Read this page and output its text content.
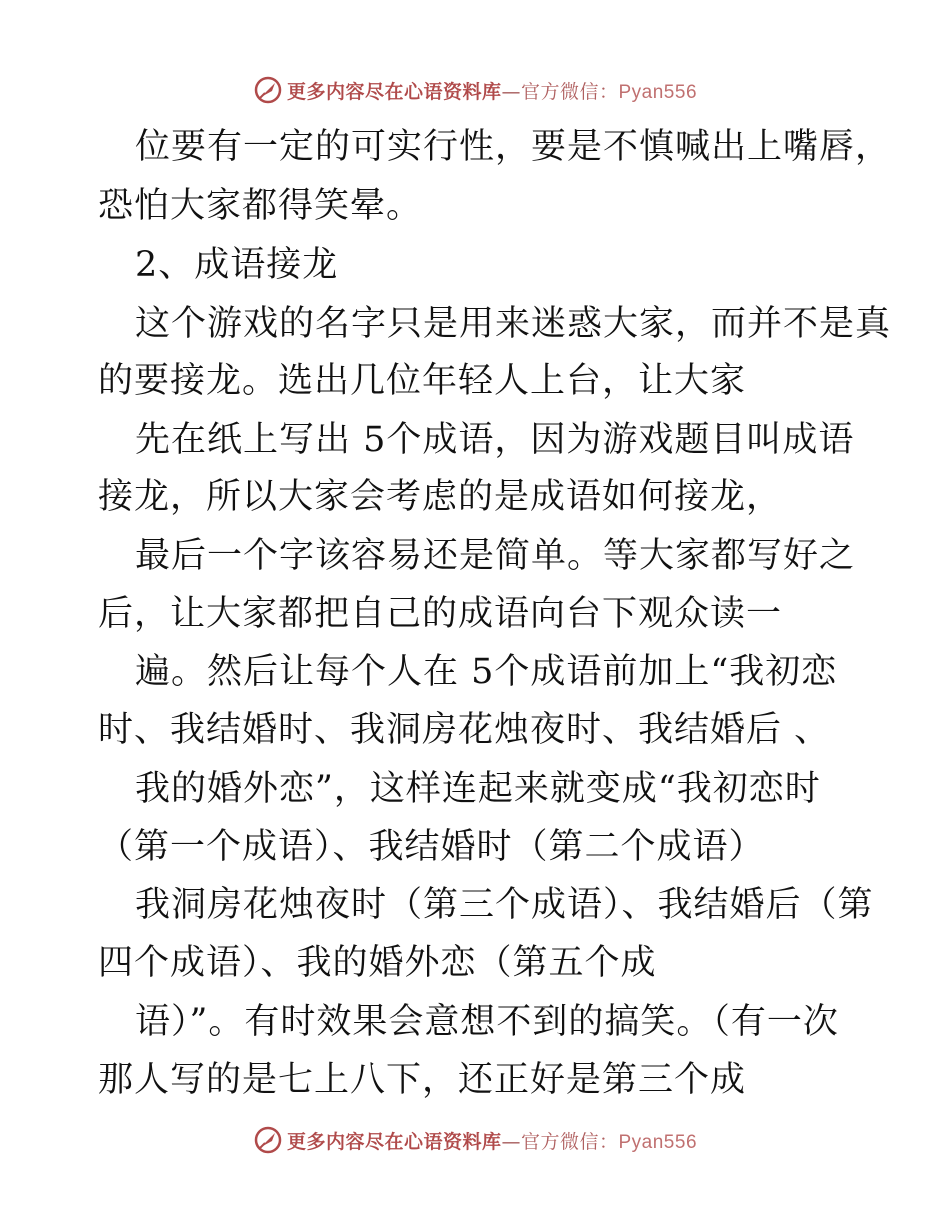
更多内容尽在心语资料库—官方微信：Pyan556
位要有一定的可实行性，要是不慎喊出上嘴唇，
恐怕大家都得笑晕。
2、成语接龙
这个游戏的名字只是用来迷惑大家，而并不是真
的要接龙。选出几位年轻人上台，让大家
先在纸上写出 5个成语，因为游戏题目叫成语
接龙，所以大家会考虑的是成语如何接龙，
最后一个字该容易还是简单。等大家都写好之
后，让大家都把自己的成语向台下观众读一
遍。然后让每个人在 5个成语前加上“我初恋
时、我结婚时、我洞房花烛夜时、我结婚后 、
我的婚外恋”，这样连起来就变成“我初恋时
（第一个成语）、我结婚时（第二个成语）
我洞房花烛夜时（第三个成语）、我结婚后（第
四个成语）、我的婚外恋（第五个成
语）”。有时效果会意想不到的搞笑。（有一次
那人写的是七上八下，还正好是第三个成
更多内容尽在心语资料库—官方微信：Pyan556
